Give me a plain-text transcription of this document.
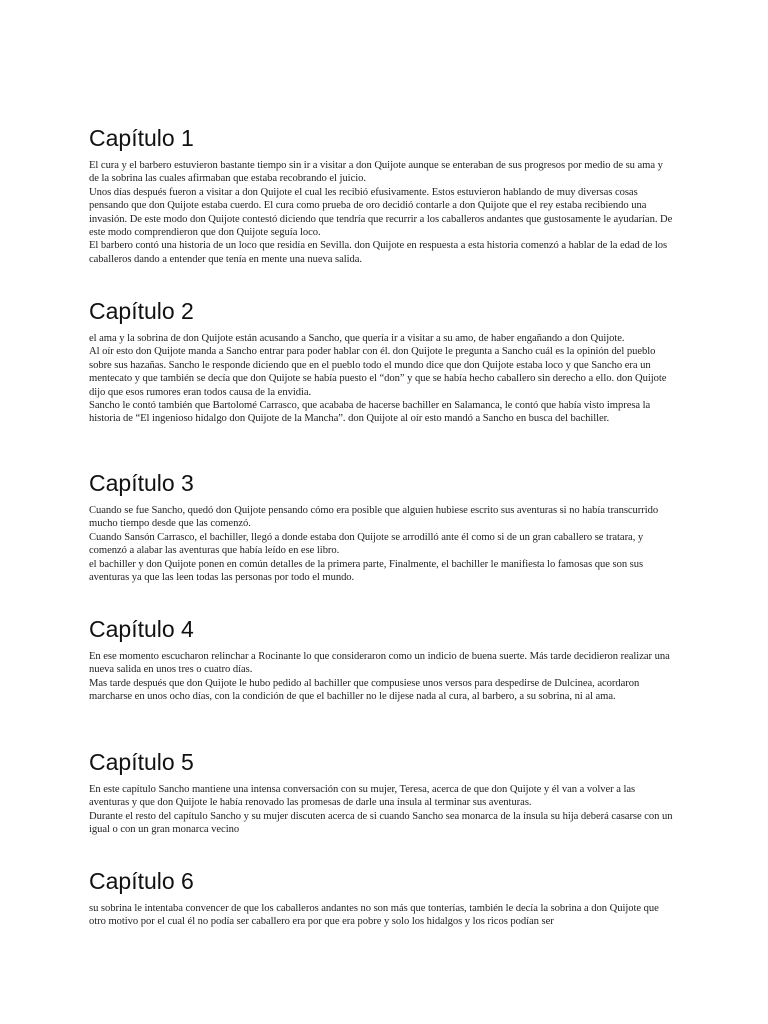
Capítulo 1

El cura y el barbero estuvieron bastante tiempo sin ir a visitar a don Quijote aunque se enteraban de sus progresos por medio de su ama y de la sobrina las cuales afirmaban que estaba recobrando el juicio.

Unos días después fueron a visitar a don Quijote el cual les recibió efusivamente. Estos estuvieron hablando de muy diversas cosas pensando que don Quijote estaba cuerdo. El cura como prueba de oro decidió contarle a don Quijote que el rey estaba recibiendo una invasión. De este modo don Quijote contestó diciendo que tendría que recurrir a los caballeros andantes que gustosamente le ayudarían. De este modo comprendieron que don Quijote seguía loco.

El barbero contó una historia de un loco que residía en Sevilla. don Quijote en respuesta a esta historia comenzó a hablar de la edad de los caballeros dando a entender que tenía en mente una nueva salida.

Capítulo 2

el ama y la sobrina de don Quijote están acusando a Sancho, que quería ir a visitar a su amo, de haber engañando a don Quijote.

Al oír esto don Quijote manda a Sancho entrar para poder hablar con él. don Quijote le pregunta a Sancho cuál es la opinión del pueblo sobre sus hazañas. Sancho le responde diciendo que en el pueblo todo el mundo dice que don Quijote estaba loco y que Sancho era un mentecato y que también se decía que don Quijote se había puesto el “don” y que se había hecho caballero sin derecho a ello. don Quijote dijo que esos rumores eran todos causa de la envidia.

Sancho le contó también que Bartolomé Carrasco, que acababa de hacerse bachiller en Salamanca, le contó que había visto impresa la historia de “El ingenioso hidalgo don Quijote de la Mancha”. don Quijote al oír esto mandó a Sancho en busca del bachiller.

Capítulo 3

Cuando se fue Sancho, quedó don Quijote pensando cómo era posible que alguien hubiese escrito sus aventuras si no había transcurrido mucho tiempo desde que las comenzó.

Cuando Sansón Carrasco, el bachiller, llegó a donde estaba don Quijote se arrodilló ante él como si de un gran caballero se tratara, y comenzó a alabar las aventuras que había leído en ese libro.

el bachiller y don Quijote ponen en común detalles de la primera parte, Finalmente, el bachiller le manifiesta lo famosas que son sus aventuras ya que las leen todas las personas por todo el mundo.

Capítulo 4

En ese momento escucharon relinchar a Rocinante lo que consideraron como un indicio de buena suerte. Más tarde decidieron realizar una nueva salida en unos tres o cuatro días.

Mas tarde después que don Quijote le hubo pedido al bachiller que compusiese unos versos para despedirse de Dulcinea, acordaron marcharse en unos ocho días, con la condición de que el bachiller no le dijese nada al cura, al barbero, a su sobrina, ni al ama.

Capítulo 5

En este capítulo Sancho mantiene una intensa conversación con su mujer, Teresa, acerca de que don Quijote y él van a volver a las aventuras y que don Quijote le había renovado las promesas de darle una ínsula al terminar sus aventuras.

Durante el resto del capítulo Sancho y su mujer discuten acerca de si cuando Sancho sea monarca de la ínsula su hija deberá casarse con un igual o con un gran monarca vecino

Capítulo 6

su sobrina le intentaba convencer de que los caballeros andantes no son más que tonterías, también le decía la sobrina a don Quijote que otro motivo por el cual él no podía ser caballero era por que era pobre y solo los hidalgos y los ricos podían ser
